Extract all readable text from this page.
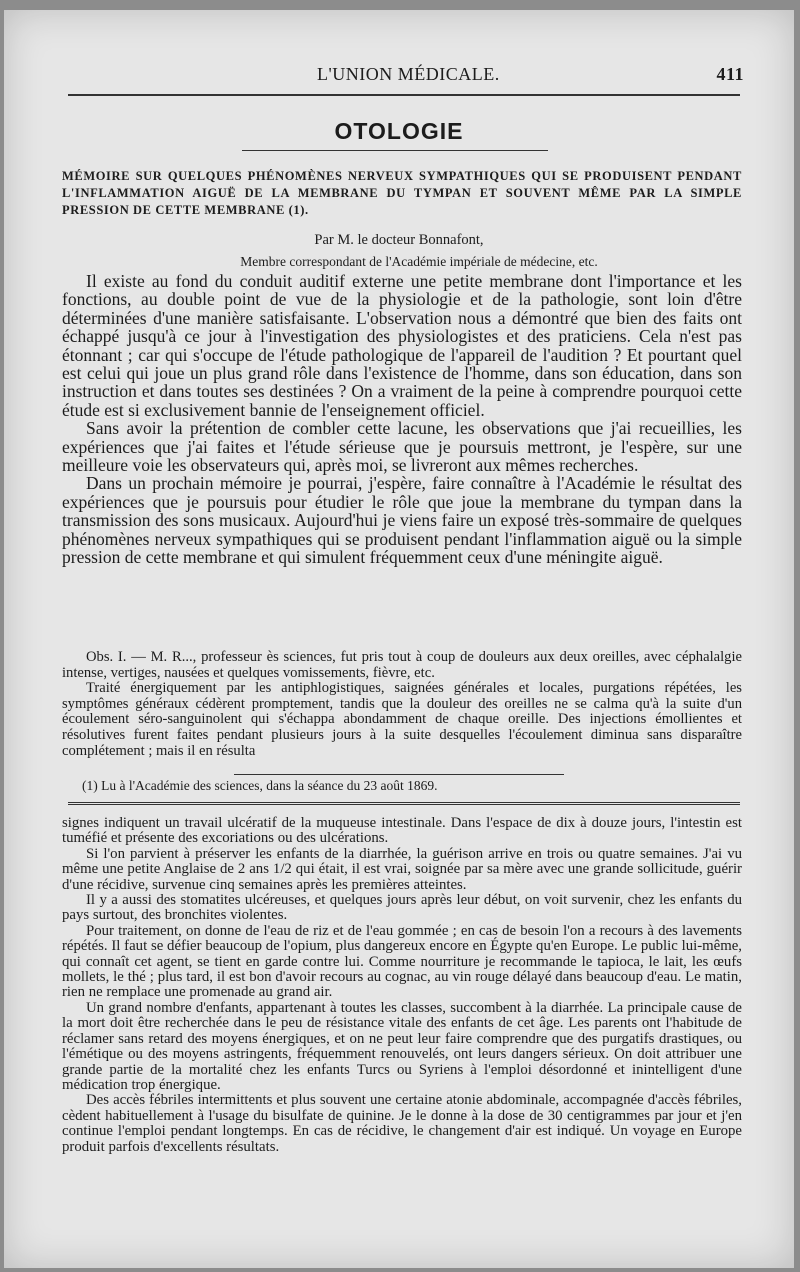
L'UNION MÉDICALE.	411
OTOLOGIE
MÉMOIRE SUR QUELQUES PHÉNOMÈNES NERVEUX SYMPATHIQUES QUI SE PRODUISENT PENDANT L'INFLAMMATION AIGUË DE LA MEMBRANE DU TYMPAN ET SOUVENT MÊME PAR LA SIMPLE PRESSION DE CETTE MEMBRANE (1).
Par M. le docteur Bonnafont,
Membre correspondant de l'Académie impériale de médecine, etc.

Il existe au fond du conduit auditif externe une petite membrane dont l'importance et les fonctions, au double point de vue de la physiologie et de la pathologie, sont loin d'être déterminées d'une manière satisfaisante. L'observation nous a démontré que bien des faits ont échappé jusqu'à ce jour à l'investigation des physiologistes et des praticiens. Cela n'est pas étonnant ; car qui s'occupe de l'étude pathologique de l'appareil de l'audition ? Et pourtant quel est celui qui joue un plus grand rôle dans l'existence de l'homme, dans son éducation, dans son instruction et dans toutes ses destinées ? On a vraiment de la peine à comprendre pourquoi cette étude est si exclusivement bannie de l'enseignement officiel.

Sans avoir la prétention de combler cette lacune, les observations que j'ai recueillies, les expériences que j'ai faites et l'étude sérieuse que je poursuis mettront, je l'espère, sur une meilleure voie les observateurs qui, après moi, se livreront aux mêmes recherches.

Dans un prochain mémoire je pourrai, j'espère, faire connaître à l'Académie le résultat des expériences que je poursuis pour étudier le rôle que joue la membrane du tympan dans la transmission des sons musicaux. Aujourd'hui je viens faire un exposé très-sommaire de quelques phénomènes nerveux sympathiques qui se produisent pendant l'inflammation aiguë ou la simple pression de cette membrane et qui simulent fréquemment ceux d'une méningite aiguë.

Obs. I. — M. R..., professeur ès sciences, fut pris tout à coup de douleurs aux deux oreilles, avec céphalalgie intense, vertiges, nausées et quelques vomissements, fièvre, etc.

Traité énergiquement par les antiphlogistiques, saignées générales et locales, purgations répétées, les symptômes généraux cédèrent promptement, tandis que la douleur des oreilles ne se calma qu'à la suite d'un écoulement séro-sanguinolent qui s'échappa abondamment de chaque oreille. Des injections émollientes et résolutives furent faites pendant plusieurs jours à la suite desquelles l'écoulement diminua sans disparaître complétement ; mais il en résulta

(1) Lu à l'Académie des sciences, dans la séance du 23 août 1869.

signes indiquent un travail ulcératif de la muqueuse intestinale. Dans l'espace de dix à douze jours, l'intestin est tuméfié et présente des excoriations ou des ulcérations.

Si l'on parvient à préserver les enfants de la diarrhée, la guérison arrive en trois ou quatre semaines. J'ai vu même une petite Anglaise de 2 ans 1/2 qui était, il est vrai, soignée par sa mère avec une grande sollicitude, guérir d'une récidive, survenue cinq semaines après les premières atteintes.

Il y a aussi des stomatites ulcéreuses, et quelques jours après leur début, on voit survenir, chez les enfants du pays surtout, des bronchites violentes.

Pour traitement, on donne de l'eau de riz et de l'eau gommée ; en cas de besoin l'on a recours à des lavements répétés. Il faut se défier beaucoup de l'opium, plus dangereux encore en Égypte qu'en Europe. Le public lui-même, qui connaît cet agent, se tient en garde contre lui. Comme nourriture je recommande le tapioca, le lait, les œufs mollets, le thé ; plus tard, il est bon d'avoir recours au cognac, au vin rouge délayé dans beaucoup d'eau. Le matin, rien ne remplace une promenade au grand air.

Un grand nombre d'enfants, appartenant à toutes les classes, succombent à la diarrhée. La principale cause de la mort doit être recherchée dans le peu de résistance vitale des enfants de cet âge. Les parents ont l'habitude de réclamer sans retard des moyens énergiques, et on ne peut leur faire comprendre que des purgatifs drastiques, ou l'émétique ou des moyens astringents, fréquemment renouvelés, ont leurs dangers sérieux. On doit attribuer une grande partie de la mortalité chez les enfants Turcs ou Syriens à l'emploi désordonné et inintelligent d'une médication trop énergique.

Des accès fébriles intermittents et plus souvent une certaine atonie abdominale, accompagnée d'accès fébriles, cèdent habituellement à l'usage du bisulfate de quinine. Je le donne à la dose de 30 centigrammes par jour et j'en continue l'emploi pendant longtemps. En cas de récidive, le changement d'air est indiqué. Un voyage en Europe produit parfois d'excellents résultats.
